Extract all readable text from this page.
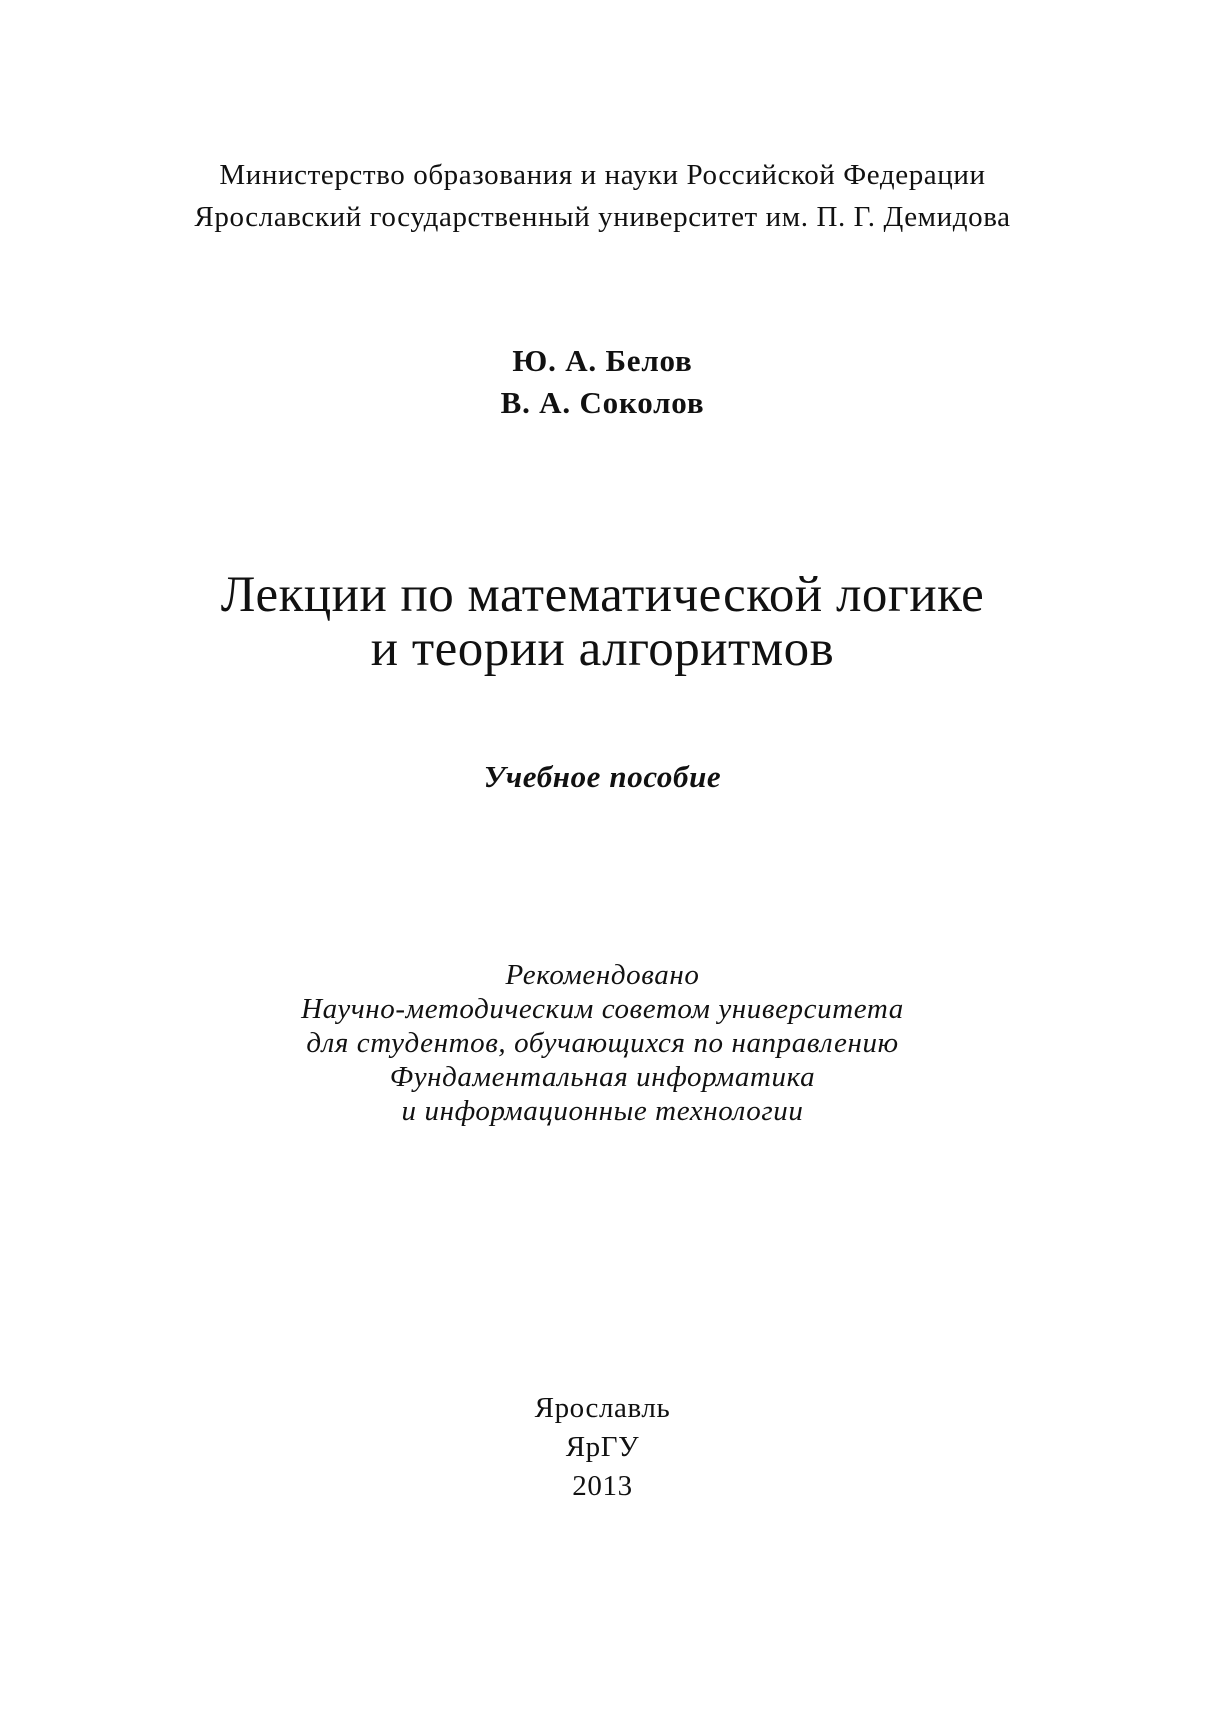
Министерство образования и науки Российской Федерации
Ярославский государственный университет им. П. Г. Демидова
Ю. А. Белов
В. А. Соколов
Лекции по математической логике
и теории алгоритмов
Учебное пособие
Рекомендовано
Научно-методическим советом университета
для студентов, обучающихся по направлению
Фундаментальная информатика
и информационные технологии
Ярославль
ЯрГУ
2013
